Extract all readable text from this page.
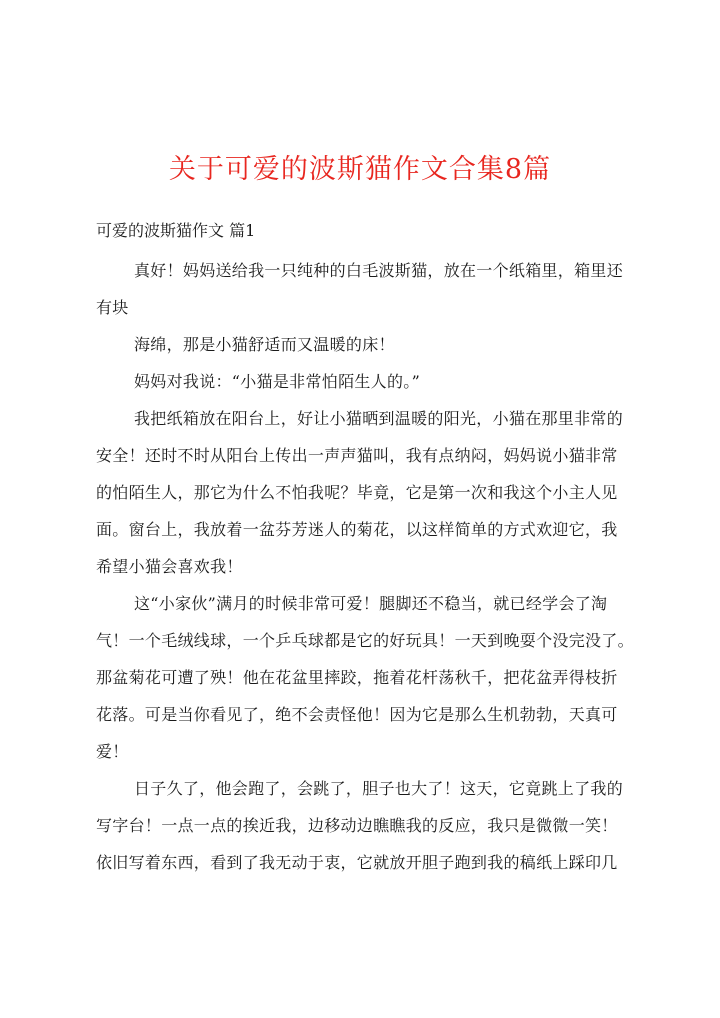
关于可爱的波斯猫作文合集8篇
可爱的波斯猫作文 篇1
真好！妈妈送给我一只纯种的白毛波斯猫，放在一个纸箱里，箱里还
有块
海绵，那是小猫舒适而又温暖的床！
妈妈对我说：“小猫是非常怕陌生人的。”
我把纸箱放在阳台上，好让小猫晒到温暖的阳光，小猫在那里非常的
安全！还时不时从阳台上传出一声声猫叫，我有点纳闷，妈妈说小猫非常
的怕陌生人，那它为什么不怕我呢？毕竟，它是第一次和我这个小主人见
面。窗台上，我放着一盆芬芳迷人的菊花，以这样简单的方式欢迎它，我
希望小猫会喜欢我！
这“小家伙”满月的时候非常可爱！腿脚还不稳当，就已经学会了淘
气！一个毛绒线球，一个乒乓球都是它的好玩具！一天到晚耍个没完没了。
那盆菊花可遭了殃！他在花盆里摔跤，拖着花杆荡秋千，把花盆弄得枝折
花落。可是当你看见了，绝不会责怪他！因为它是那么生机勃勃，天真可
爱！
日子久了，他会跑了，会跳了，胆子也大了！这天，它竟跳上了我的
写字台！一点一点的挨近我，边移动边瞧瞧我的反应，我只是微微一笑！
依旧写着东西，看到了我无动于衷，它就放开胆子跑到我的稿纸上踩印几
